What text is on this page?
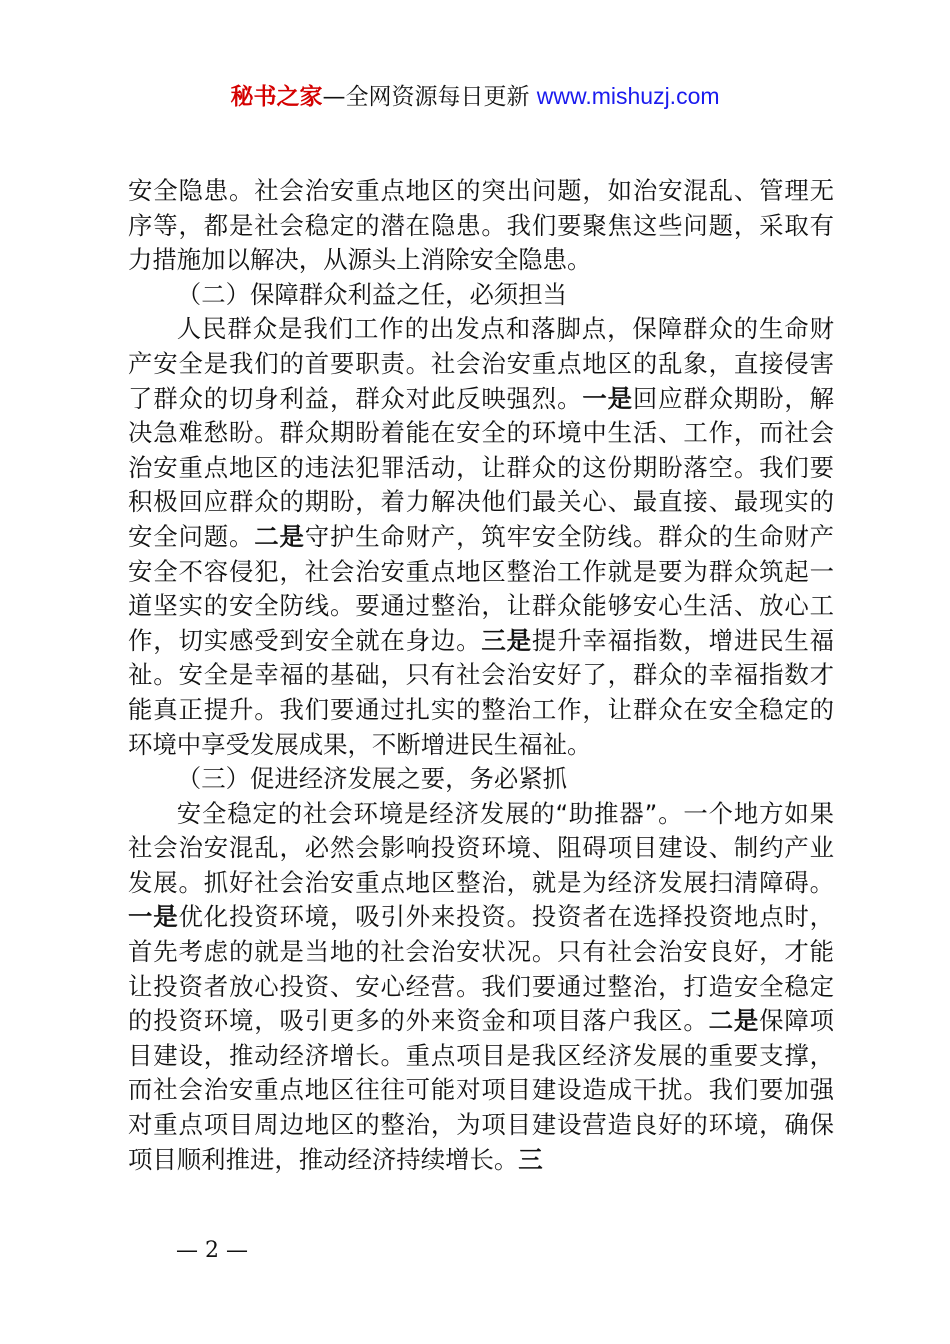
秘书之家—全网资源每日更新 www.mishuzj.com

安全隐患。社会治安重点地区的突出问题，如治安混乱、管理无序等，都是社会稳定的潜在隐患。我们要聚焦这些问题，采取有力措施加以解决，从源头上消除安全隐患。

（二）保障群众利益之任，必须担当

人民群众是我们工作的出发点和落脚点，保障群众的生命财产安全是我们的首要职责。社会治安重点地区的乱象，直接侵害了群众的切身利益，群众对此反映强烈。一是回应群众期盼，解决急难愁盼。群众期盼着能在安全的环境中生活、工作，而社会治安重点地区的违法犯罪活动，让群众的这份期盼落空。我们要积极回应群众的期盼，着力解决他们最关心、最直接、最现实的安全问题。二是守护生命财产，筑牢安全防线。群众的生命财产安全不容侵犯，社会治安重点地区整治工作就是要为群众筑起一道坚实的安全防线。要通过整治，让群众能够安心生活、放心工作，切实感受到安全就在身边。三是提升幸福指数，增进民生福祉。安全是幸福的基础，只有社会治安好了，群众的幸福指数才能真正提升。我们要通过扎实的整治工作，让群众在安全稳定的环境中享受发展成果，不断增进民生福祉。

（三）促进经济发展之要，务必紧抓

安全稳定的社会环境是经济发展的“助推器”。一个地方如果社会治安混乱，必然会影响投资环境、阻碍项目建设、制约产业发展。抓好社会治安重点地区整治，就是为经济发展扫清障碍。一是优化投资环境，吸引外来投资。投资者在选择投资地点时，首先考虑的就是当地的社会治安状况。只有社会治安良好，才能让投资者放心投资、安心经营。我们要通过整治，打造安全稳定的投资环境，吸引更多的外来资金和项目落户我区。二是保障项目建设，推动经济增长。重点项目是我区经济发展的重要支撑，而社会治安重点地区往往可能对项目建设造成干扰。我们要加强对重点项目周边地区的整治，为项目建设营造良好的环境，确保项目顺利推进，推动经济持续增长。三

— 2 —
